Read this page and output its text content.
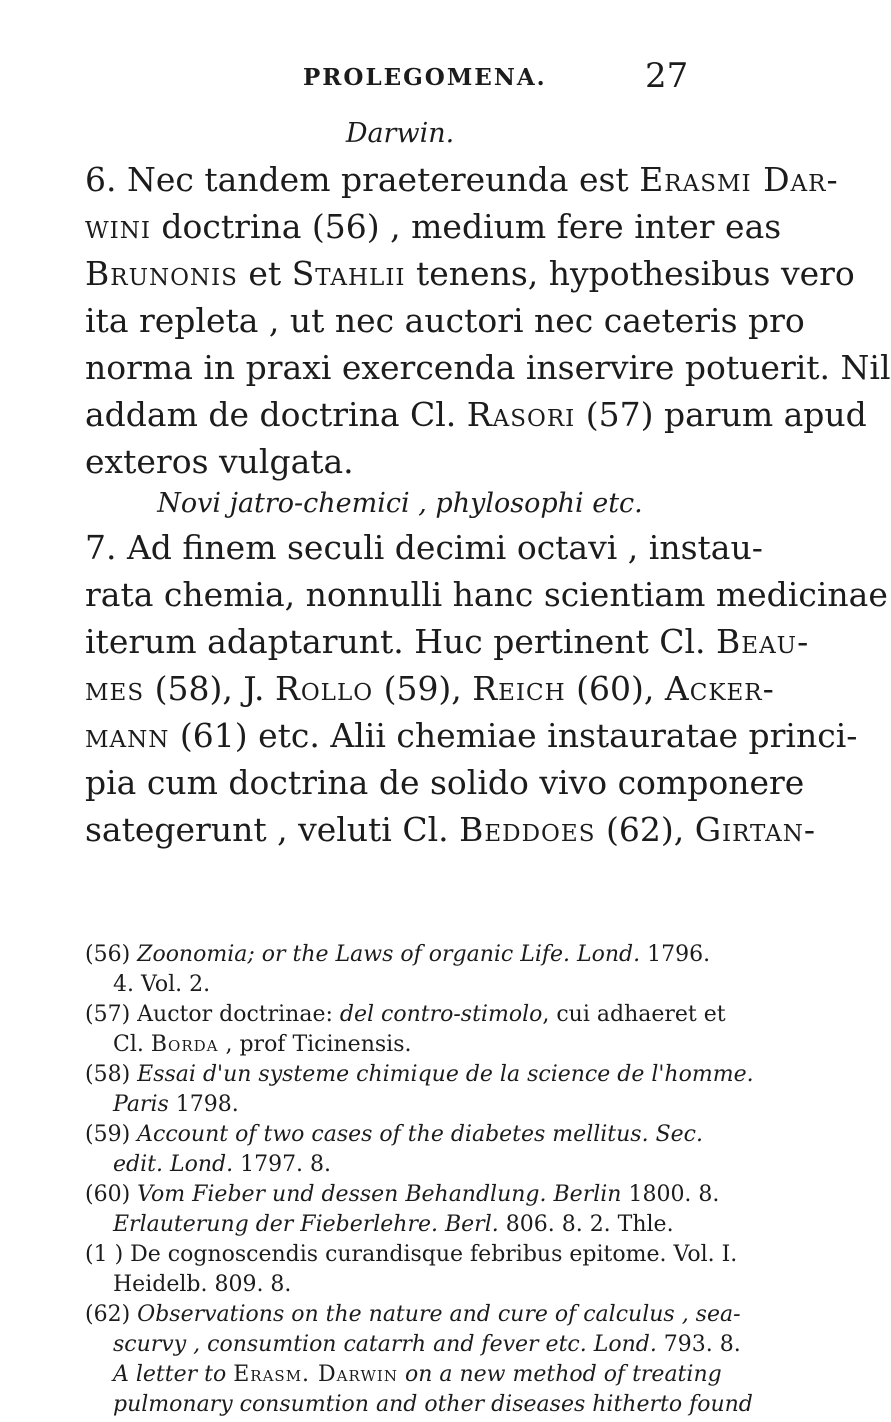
PROLEGOMENA.	27
Darwin.
6. Nec tandem praetereunda est Erasmi Dar-
wini doctrina (56) , medium fere inter eas
Brunonis et Stahlii tenens, hypothesibus vero
ita repleta , ut nec auctori nec caeteris pro
norma in praxi exercenda inservire potuerit. Nil
addam de doctrina Cl. Rasori (57) parum apud
exteros vulgata.
Novi jatro-chemici , phylosophi etc.
7. Ad finem seculi decimi octavi , instau-
rata chemia, nonnulli hanc scientiam medicinae
iterum adaptarunt. Huc pertinent Cl. Beau-
mes (58), J. Rollo (59), Reich (60), Acker-
mann (61) etc. Alii chemiae instauratae princi-
pia cum doctrina de solido vivo componere
sategerunt , veluti Cl. Beddoes (62), Girtan-
(56) Zoonomia; or the Laws of organic Life. Lond. 1796.
4. Vol. 2.
(57) Auctor doctrinae: del contro-stimolo, cui adhaeret et
Cl. Borda , prof Ticinensis.
(58) Essai d'un systeme chimique de la science de l'homme.
Paris 1798.
(59) Account of two cases of the diabetes mellitus. Sec.
edit. Lond. 1797. 8.
(60) Vom Fieber und dessen Behandlung. Berlin 1800. 8.
Erlauterung der Fieberlehre. Berl. 806. 8. 2. Thle.
(1 ) De cognoscendis curandisque febribus epitome. Vol. I.
Heidelb. 809. 8.
(62) Observations on the nature and cure of calculus , sea-
scurvy , consumtion catarrh and fever etc. Lond. 793. 8.
A letter to Erasm. Darwin on a new method of treating
pulmonary consumtion and other diseases hitherto found
